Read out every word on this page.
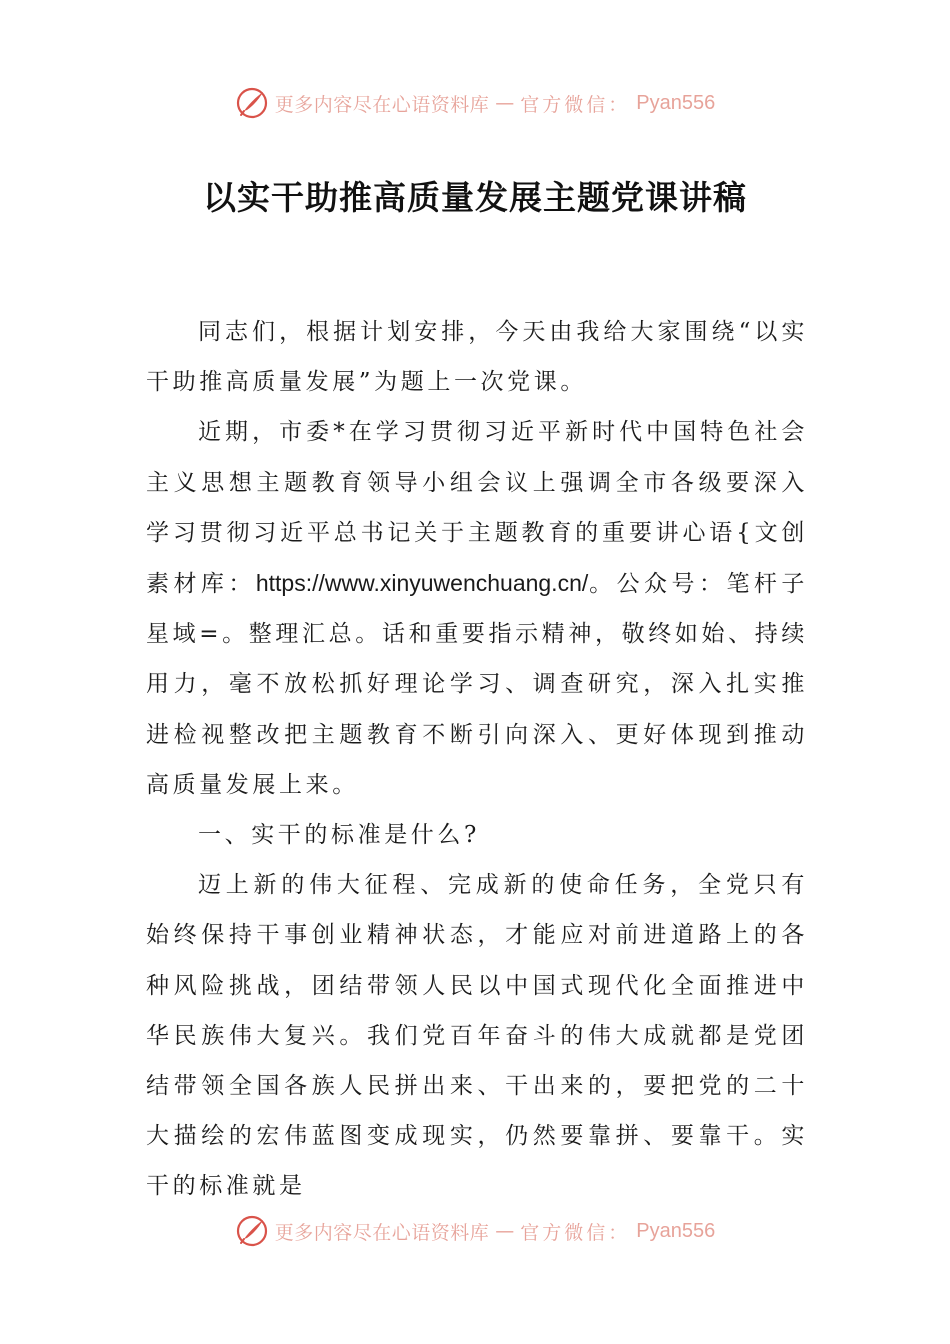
更多内容尽在心语资料库 — 官方微信： Pyan556
以实干助推高质量发展主题党课讲稿

同志们，根据计划安排，今天由我给大家围绕“以实干助推高质量发展”为题上一次党课。

近期，市委*在学习贯彻习近平新时代中国特色社会主义思想主题教育领导小组会议上强调全市各级要深入学习贯彻习近平总书记关于主题教育的重要讲心语{文创素材库：https://www.xinyuwenchuang.cn/。公众号：笔杆子星域=。整理汇总。话和重要指示精神，敬终如始、持续用力，毫不放松抓好理论学习、调查研究，深入扎实推进检视整改把主题教育不断引向深入、更好体现到推动高质量发展上来。

一、实干的标准是什么?

迈上新的伟大征程、完成新的使命任务，全党只有始终保持干事创业精神状态，才能应对前进道路上的各种风险挑战，团结带领人民以中国式现代化全面推进中华民族伟大复兴。我们党百年奋斗的伟大成就都是党团结带领全国各族人民拼出来、干出来的，要把党的二十大描绘的宏伟蓝图变成现实，仍然要靠拼、要靠干。实干的标准就是

更多内容尽在心语资料库 — 官方微信： Pyan556
